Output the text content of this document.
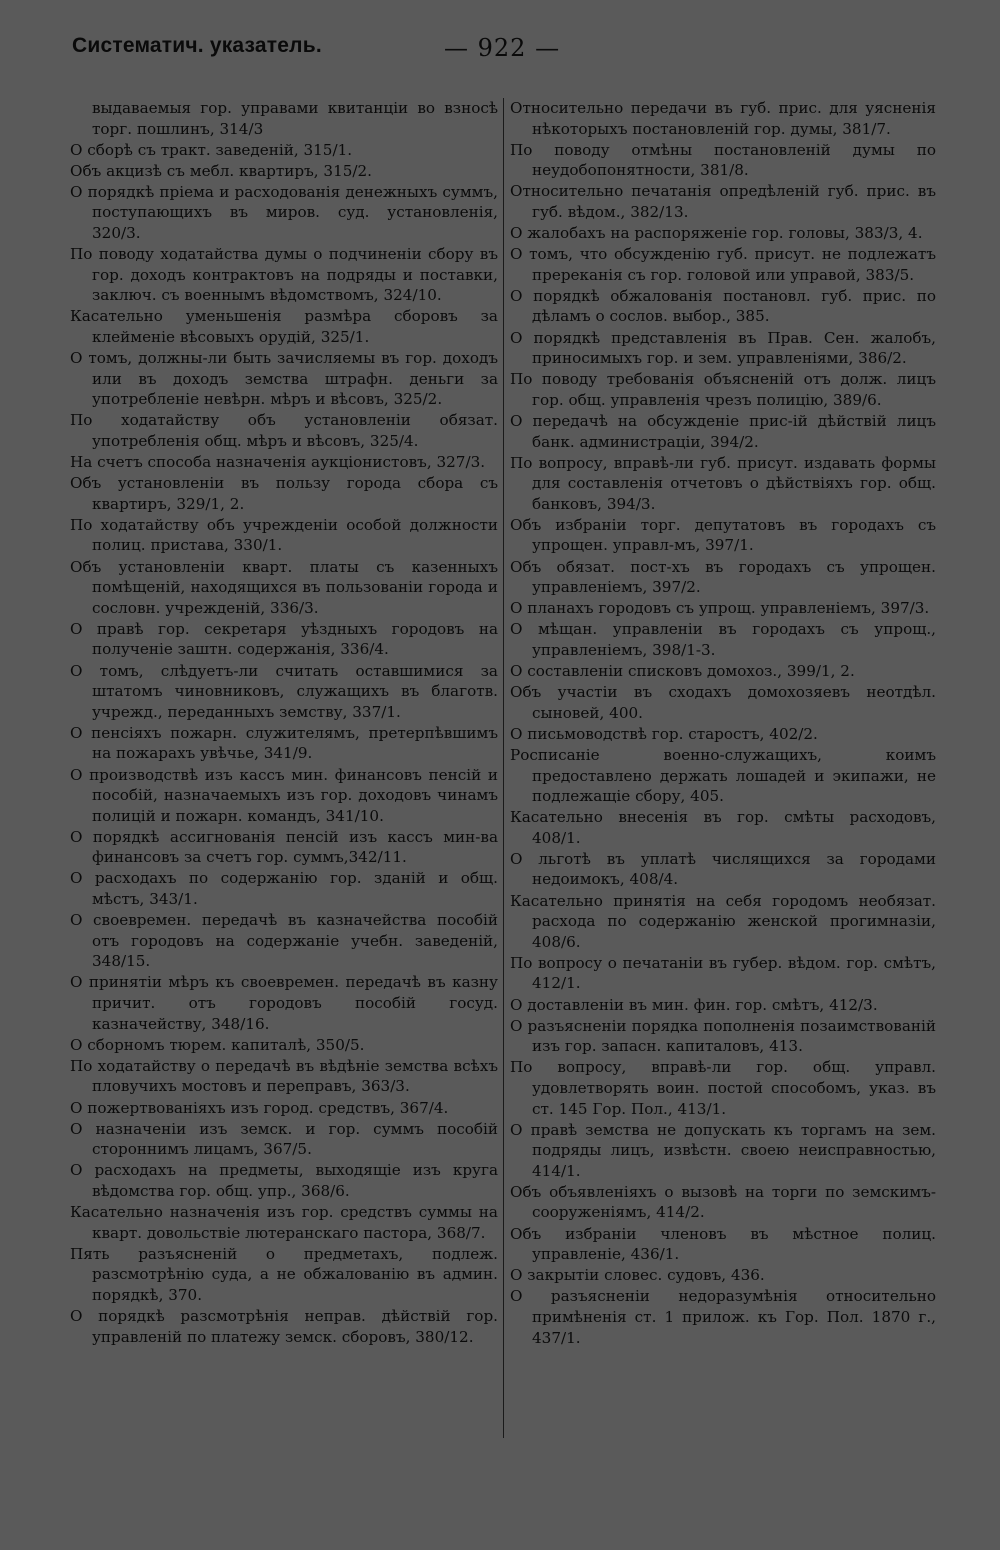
Систематич. указатель.	— 922 —
выдаваемыя гор. управами квитанціи во взносѣ торг. пошлинъ, 314/3
О сборѣ съ тракт. заведеній, 315/1.
Объ акцизѣ съ мебл. квартиръ, 315/2.
О порядкѣ пріема и расходованія денежныхъ суммъ, поступающихъ въ миров. суд. установленія, 320/3.
По поводу ходатайства думы о подчиненіи сбору въ гор. доходъ контрактовъ на подряды и поставки, заключ. съ военнымъ вѣдомствомъ, 324/10.
Касательно уменьшенія размѣра сборовъ за клейменіе вѣсовыхъ орудій, 325/1.
О томъ, должны-ли быть зачисляемы въ гор. доходъ или въ доходъ земства штрафн. деньги за употребленіе невѣрн. мѣръ и вѣсовъ, 325/2.
По ходатайству объ установленіи обязат. употребленія общ. мѣръ и вѣсовъ, 325/4.
На счетъ способа назначенія аукціонистовъ, 327/3.
Объ установленіи въ пользу города сбора съ квартиръ, 329/1, 2.
По ходатайству объ учрежденіи особой должности полиц. пристава, 330/1.
Объ установленіи кварт. платы съ казенныхъ помѣщеній, находящихся въ пользованіи города и сословн. учрежденій, 336/3.
О правѣ гор. секретаря уѣздныхъ городовъ на полученіе заштн. содержанія, 336/4.
О томъ, слѣдуетъ-ли считать оставшимися за штатомъ чиновниковъ, служащихъ въ благотв. учрежд., переданныхъ земству, 337/1.
О пенсіяхъ пожарн. служителямъ, претерпѣвшимъ на пожарахъ увѣчье, 341/9.
О производствѣ изъ кассъ мин. финансовъ пенсій и пособій, назначаемыхъ изъ гор. доходовъ чинамъ полицій и пожарн. командъ, 341/10.
О порядкѣ ассигнованія пенсій изъ кассъ мин-ва финансовъ за счетъ гор. суммъ,342/11.
О расходахъ по содержанію гор. зданій и общ. мѣстъ, 343/1.
О своевремен. передачѣ въ казначейства пособій отъ городовъ на содержаніе учебн. заведеній, 348/15.
О принятіи мѣръ къ своевремен. передачѣ въ казну причит. отъ городовъ пособій госуд. казначейству, 348/16.
О сборномъ тюрем. капиталѣ, 350/5.
По ходатайству о передачѣ въ вѣдѣніе земства всѣхъ пловучихъ мостовъ и переправъ, 363/3.
О пожертвованіяхъ изъ город. средствъ, 367/4.
О назначеніи изъ земск. и гор. суммъ пособій стороннимъ лицамъ, 367/5.
О расходахъ на предметы, выходящіе изъ круга вѣдомства гор. общ. упр., 368/6.
Касательно назначенія изъ гор. средствъ суммы на кварт. довольствіе лютеранскаго пастора, 368/7.
Пять разъясненій о предметахъ, подлеж. разсмотрѣнію суда, а не обжалованію въ админ. порядкѣ, 370.
О порядкѣ разсмотрѣнія неправ. дѣйствій гор. управленій по платежу земск. сборовъ, 380/12.
Относительно передачи въ губ. прис. для уясненія нѣкоторыхъ постановленій гор. думы, 381/7.
По поводу отмѣны постановленій думы по неудобопонятности, 381/8.
Относительно печатанія опредѣленій губ. прис. въ губ. вѣдом., 382/13.
О жалобахъ на распоряженіе гор. головы, 383/3, 4.
О томъ, что обсужденію губ. присут. не подлежатъ пререканія съ гор. головой или управой, 383/5.
О порядкѣ обжалованія постановл. губ. прис. по дѣламъ о сослов. выбор., 385.
О порядкѣ представленія въ Прав. Сен. жалобъ, приносимыхъ гор. и зем. управленіями, 386/2.
По поводу требованія объясненій отъ долж. лицъ гор. общ. управленія чрезъ полицію, 389/6.
О передачѣ на обсужденіе прис-ій дѣйствій лицъ банк. администраціи, 394/2.
По вопросу, вправѣ-ли губ. присут. издавать формы для составленія отчетовъ о дѣйствіяхъ гор. общ. банковъ, 394/3.
Объ избраніи торг. депутатовъ въ городахъ съ упрощен. управл-мъ, 397/1.
Объ обязат. пост-хъ въ городахъ съ упрощен. управленіемъ, 397/2.
О планахъ городовъ съ упрощ. управленіемъ, 397/3.
О мѣщан. управленіи въ городахъ съ упрощ., управленіемъ, 398/1-3.
О составленіи списковъ домохоз., 399/1, 2.
Объ участіи въ сходахъ домохозяевъ неотдѣл. сыновей, 400.
О письмоводствѣ гор. старостъ, 402/2.
Росписаніе военно-служащихъ, коимъ предоставлено держать лошадей и экипажи, не подлежащіе сбору, 405.
Касательно внесенія въ гор. смѣты расходовъ, 408/1.
О льготѣ въ уплатѣ числящихся за городами недоимокъ, 408/4.
Касательно принятія на себя городомъ необязат. расхода по содержанію женской прогимназіи, 408/6.
По вопросу о печатаніи въ губер. вѣдом. гор. смѣтъ, 412/1.
О доставленіи въ мин. фин. гор. смѣтъ, 412/3.
О разъясненіи порядка пополненія позаимствованій изъ гор. запасн. капиталовъ, 413.
По вопросу, вправѣ-ли гор. общ. управл. удовлетворять воин. постой способомъ, указ. въ ст. 145 Гор. Пол., 413/1.
О правѣ земства не допускать къ торгамъ на зем. подряды лицъ, извѣстн. своею неисправностью, 414/1.
Объ объявленіяхъ о вызовѣ на торги по земскимъ-сооруженіямъ, 414/2.
Объ избраніи членовъ въ мѣстное полиц. управленіе, 436/1.
О закрытіи словес. судовъ, 436.
О разъясненіи недоразумѣнія относительно примѣненія ст. 1 прилож. къ Гор. Пол. 1870 г., 437/1.
